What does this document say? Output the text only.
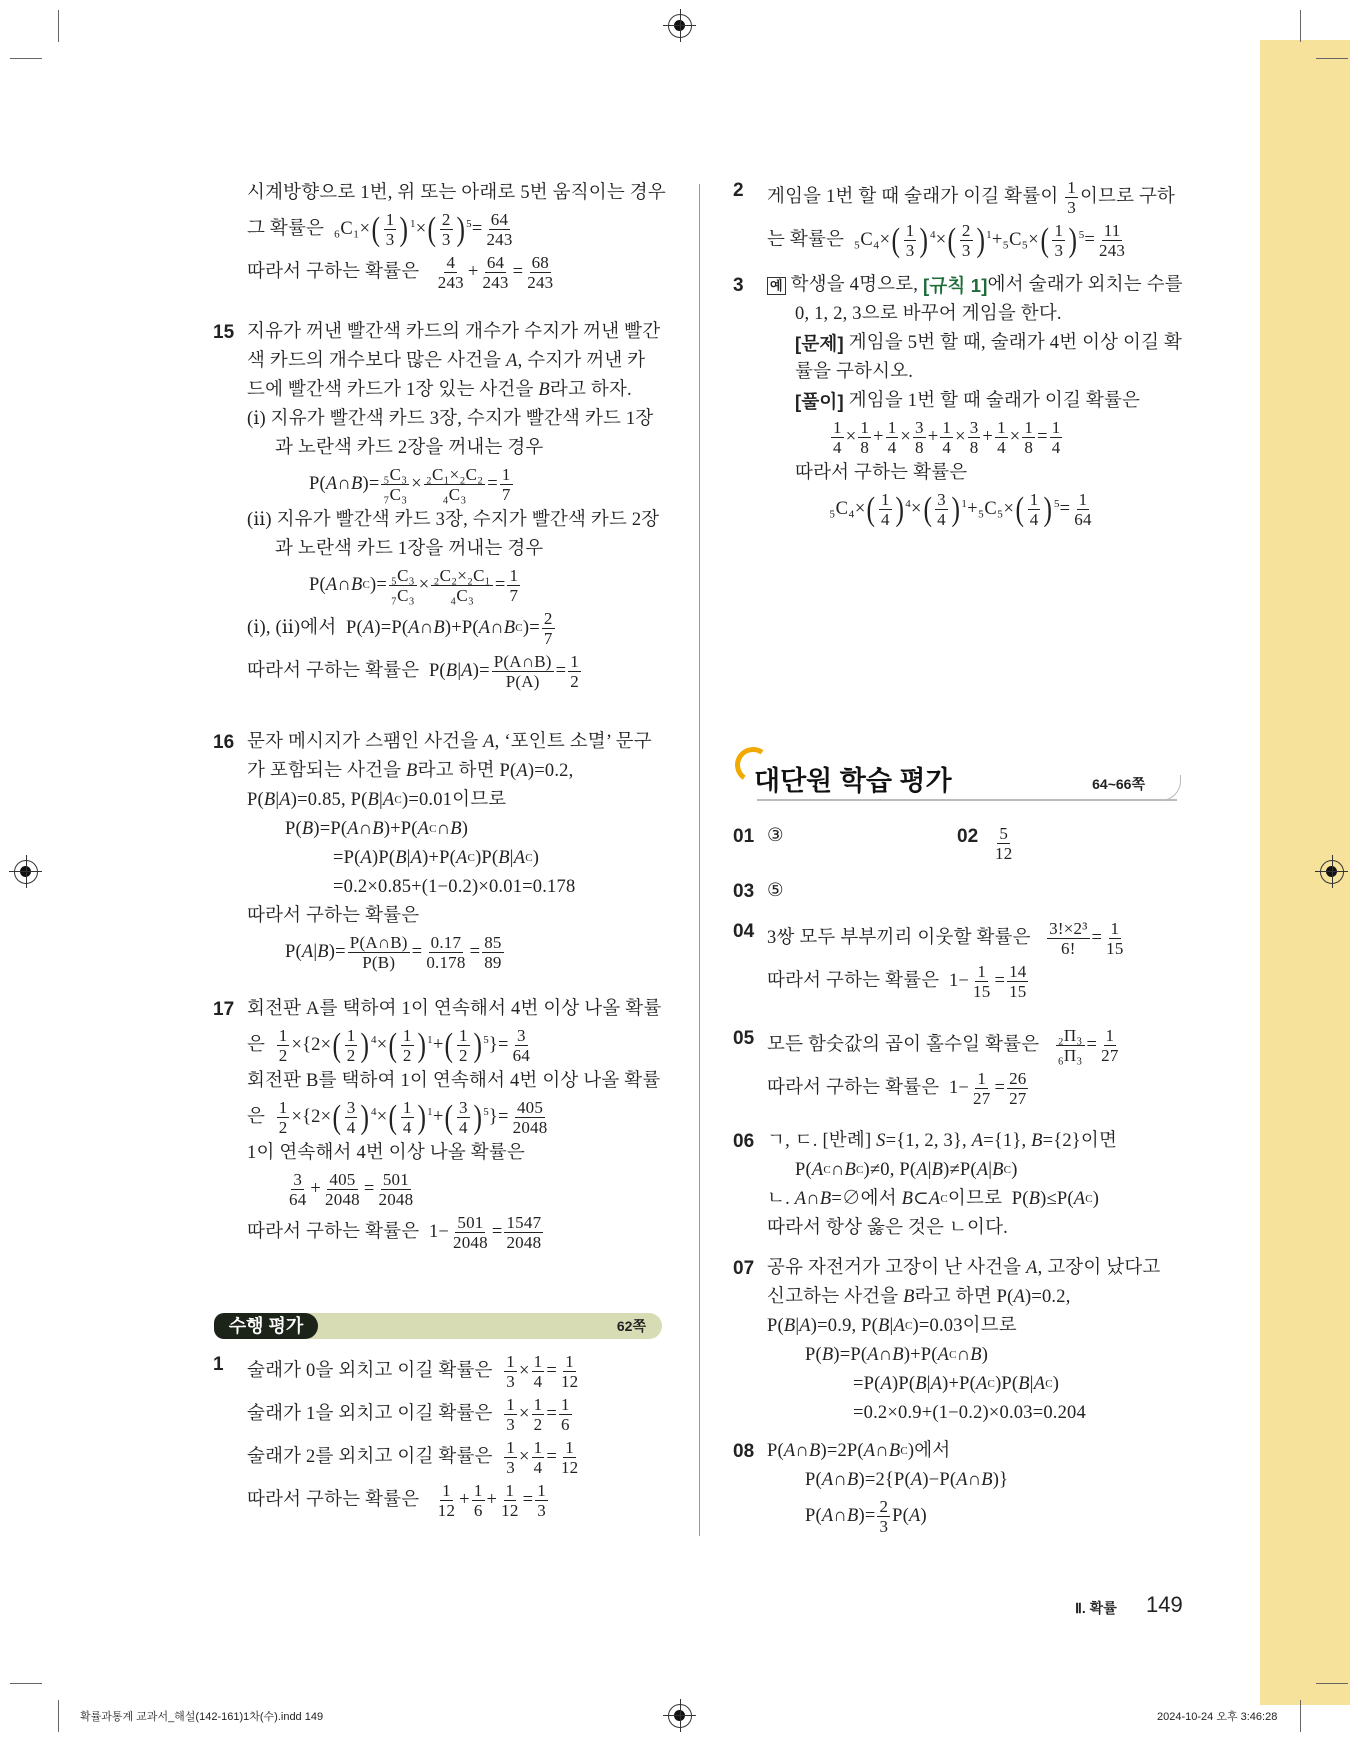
시계방향으로 1번, 위 또는 아래로 5번 움직이는 경우
그 확률은  ₆C₁× ( $\frac{1}{3} )^1$ × ( $\frac{2}{3} )^5 = \frac{64}{243}$
따라서 구하는 확률은 $\frac{4}{243} + \frac{64}{243} = \frac{68}{243}$
15 지유가 꺼낸 빨간색 카드의 개수가 수지가 꺼낸 빨간
색 카드의 개수보다 많은 사건을 A , 수지가 꺼낸 카
드에 빨간색 카드가 1장 있는 사건을 B 라고 하자.
(ⅰ) 지유가 빨간색 카드 3장, 수지가 빨간색 카드 1장
과 노란색 카드 2장을 꺼내는 경우
P( A ∩ B )= $\frac{\text{₅C₃}}{\text{₇C₃}} \times \frac{\text{₂C₁×₂C₂}}{\text{₄C₃}} = \frac{1}{7}$
(ⅱ) 지유가 빨간색 카드 3장, 수지가 빨간색 카드 2장
과 노란색 카드 1장을 꺼내는 경우
P( A ∩ B C )= $\frac{\text{₅C₃}}{\text{₇C₃}} \times \frac{\text{₂C₂×₂C₁}}{\text{₄C₃}} = \frac{1}{7}$
(ⅰ), (ⅱ)에서  P( A )=P( A ∩ B )+P( A ∩ B C )= $\frac{2}{7}$
따라서 구하는 확률은  P( B | A )= $\frac{P(A\cap B)}{P(A)} = \frac{1}{2}$
16 문자 메시지가 스팸인 사건을 A , ‘포인트 소멸’ 문구
가 포함되는 사건을 B 라고 하면 P( A )=0.2,
P( B | A )=0.85, P( B | A C )=0.01이므로
P( B )=P( A ∩ B )+P( A C ∩ B )
=P( A )P( B | A )+P( A C )P( B | A C )
=0.2×0.85+(1−0.2)×0.01=0.178
따라서 구하는 확률은
P( A | B )= $\frac{P(A\cap B)}{P(B)} = \frac{0.17}{0.178} = \frac{85}{89}$
17 회전판 A를 택하여 1이 연속해서 4번 이상 나올 확률
은 $\frac{1}{2} \times\{2\times$ ( $\frac{1}{2} )^4$ × ( $\frac{1}{2} )^1$ + ( $\frac{1}{2} )^5$ }= $\frac{3}{64}$
회전판 B를 택하여 1이 연속해서 4번 이상 나올 확률
은 $\frac{1}{2} \times\{2\times$ ( $\frac{3}{4} )^4$ × ( $\frac{1}{4} )^1$ + ( $\frac{3}{4} )^5$ }= $\frac{405}{2048}$
1이 연속해서 4번 이상 나올 확률은
$\frac{3}{64} + \frac{405}{2048} = \frac{501}{2048}$
따라서 구하는 확률은  $1- \frac{501}{2048} = \frac{1547}{2048}$
수행 평가	62쪽
1 술래가 0을 외치고 이길 확률은 $\frac{1}{3} \times \frac{1}{4} = \frac{1}{12}$
술래가 1을 외치고 이길 확률은 $\frac{1}{3} \times \frac{1}{2} = \frac{1}{6}$
술래가 2를 외치고 이길 확률은 $\frac{1}{3} \times \frac{1}{4} = \frac{1}{12}$
따라서 구하는 확률은 $\frac{1}{12} + \frac{1}{6} + \frac{1}{12} = \frac{1}{3}$
2 게임을 1번 할 때 술래가 이길 확률이 $\frac{1}{3}$ 이므로 구하
는 확률은  ₅C₄× ( $\frac{1}{3} )^4$ × ( $\frac{2}{3} )^1 +_5C_5\times$ ( $\frac{1}{3} )^5 = \frac{11}{243}$
3 예 학생을 4명으로, [규칙 1] 에서 술래가 외치는 수를
0, 1, 2, 3으로 바꾸어 게임을 한다.
[문제] 게임을 5번 할 때, 술래가 4번 이상 이길 확
률을 구하시오.
[풀이] 게임을 1번 할 때 술래가 이길 확률은
$\frac{1}{4} \times \frac{1}{8} + \frac{1}{4} \times \frac{3}{8} + \frac{1}{4} \times \frac{3}{8} + \frac{1}{4} \times \frac{1}{8} = \frac{1}{4}$
따라서 구하는 확률은
₅C₄× ( $\frac{1}{4} )^4$ × ( $\frac{3}{4} )^1 +_5C_5\times$ ( $\frac{1}{4} )^5 = \frac{1}{64}$
대단원 학습 평가	64~66쪽
01 ③	$02 \frac{5}{12}$
03 ⑤
04 3쌍 모두 부부끼리 이웃할 확률은 $\frac{\text{3!×2³}}{6!} = \frac{1}{15}$
따라서 구하는 확률은  $1- \frac{1}{15} = \frac{14}{15}$
05 모든 함숫값의 곱이 홀수일 확률은 $\frac{\text{₂Π₃}}{\text{₆Π₃}} = \frac{1}{27}$
따라서 구하는 확률은  $1- \frac{1}{27} = \frac{26}{27}$
06 ㄱ, ㄷ. [반례] S ={1, 2, 3}, A ={1}, B ={2}이면
P( A C ∩ B C )≠0, P( A | B )≠P( A | B C )
ㄴ. A ∩ B =∅에서 B ⊂ A C 이므로  P( B )≤P( A C )
따라서 항상 옳은 것은 ㄴ이다.
07 공유 자전거가 고장이 난 사건을 A , 고장이 났다고
신고하는 사건을 B 라고 하면 P( A )=0.2,
P( B | A )=0.9, P( B | A C )=0.03이므로
P( B )=P( A ∩ B )+P( A C ∩ B )
=P( A )P( B | A )+P( A C )P( B | A C )
=0.2×0.9+(1−0.2)×0.03=0.204
08 P( A ∩ B )=2P( A ∩ B C )에서
P( A ∩ B )=2{P( A )−P( A ∩ B )}
P( A ∩ B )= $\frac{2}{3} P$( A )
Ⅱ. 확률 149
확률과통계 교과서_해설(142-161)1차(수).indd 149	2024-10-24 오후 3:46:28
